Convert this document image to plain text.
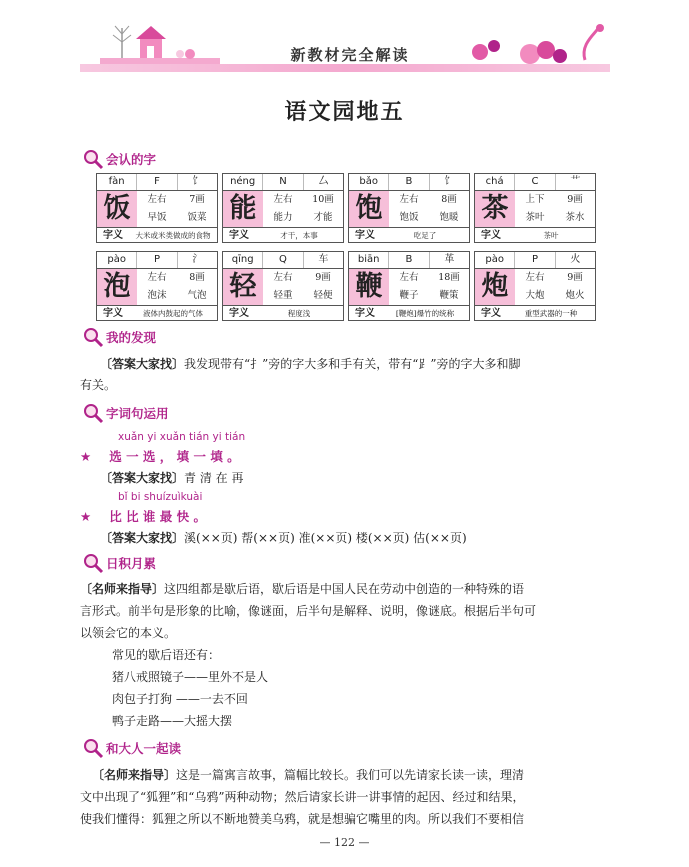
新教材完全解读
语文园地五
会认的字
fàn	F	饣
饭	左右	7画
早饭	饭菜
字义	大米或米类做成的食物
néng	N	厶
能	左右	10画
能力	才能
字义	才干，本事
bǎo	B	饣
饱	左右	8画
饱饭	饱暖
字义	吃足了
chá	C	艹
茶	上下	9画
茶叶	茶水
字义	茶叶
pào	P	氵
泡	左右	8画
泡沫	气泡
字义	液体内鼓起的气体
qīng	Q	车
轻	左右	9画
轻重	轻便
字义	程度浅
biān	B	革
鞭	左右	18画
鞭子	鞭策
字义	[鞭炮]爆竹的统称
pào	P	火
炮	左右	9画
大炮	炮火
字义	重型武器的一种
我的发现
〔答案大家找〕我发现带有“扌”旁的字大多和手有关，带有“⻊”旁的字大多和脚
有关。
字词句运用
xuǎn yi xuǎn tián yi tián
★ 选 一 选 ， 填 一 填 。
〔答案大家找〕青 清 在 再
bǐ bi shuízuìkuài
★ 比 比 谁 最 快 。
〔答案大家找〕溪(××页) 帮(××页) 准(××页) 楼(××页) 估(××页)
日积月累
〔名师来指导〕这四组都是歇后语，歇后语是中国人民在劳动中创造的一种特殊的语
言形式。前半句是形象的比喻，像谜面，后半句是解释、说明，像谜底。根据后半句可
以领会它的本义。
常见的歇后语还有：
猪八戒照镜子——里外不是人
肉包子打狗 ——一去不回
鸭子走路——大摇大摆
和大人一起读
〔名师来指导〕这是一篇寓言故事，篇幅比较长。我们可以先请家长读一读，理清
文中出现了“狐狸”和“乌鸦”两种动物；然后请家长讲一讲事情的起因、经过和结果，
使我们懂得：狐狸之所以不断地赞美乌鸦，就是想骗它嘴里的肉。所以我们不要相信
— 122 —
